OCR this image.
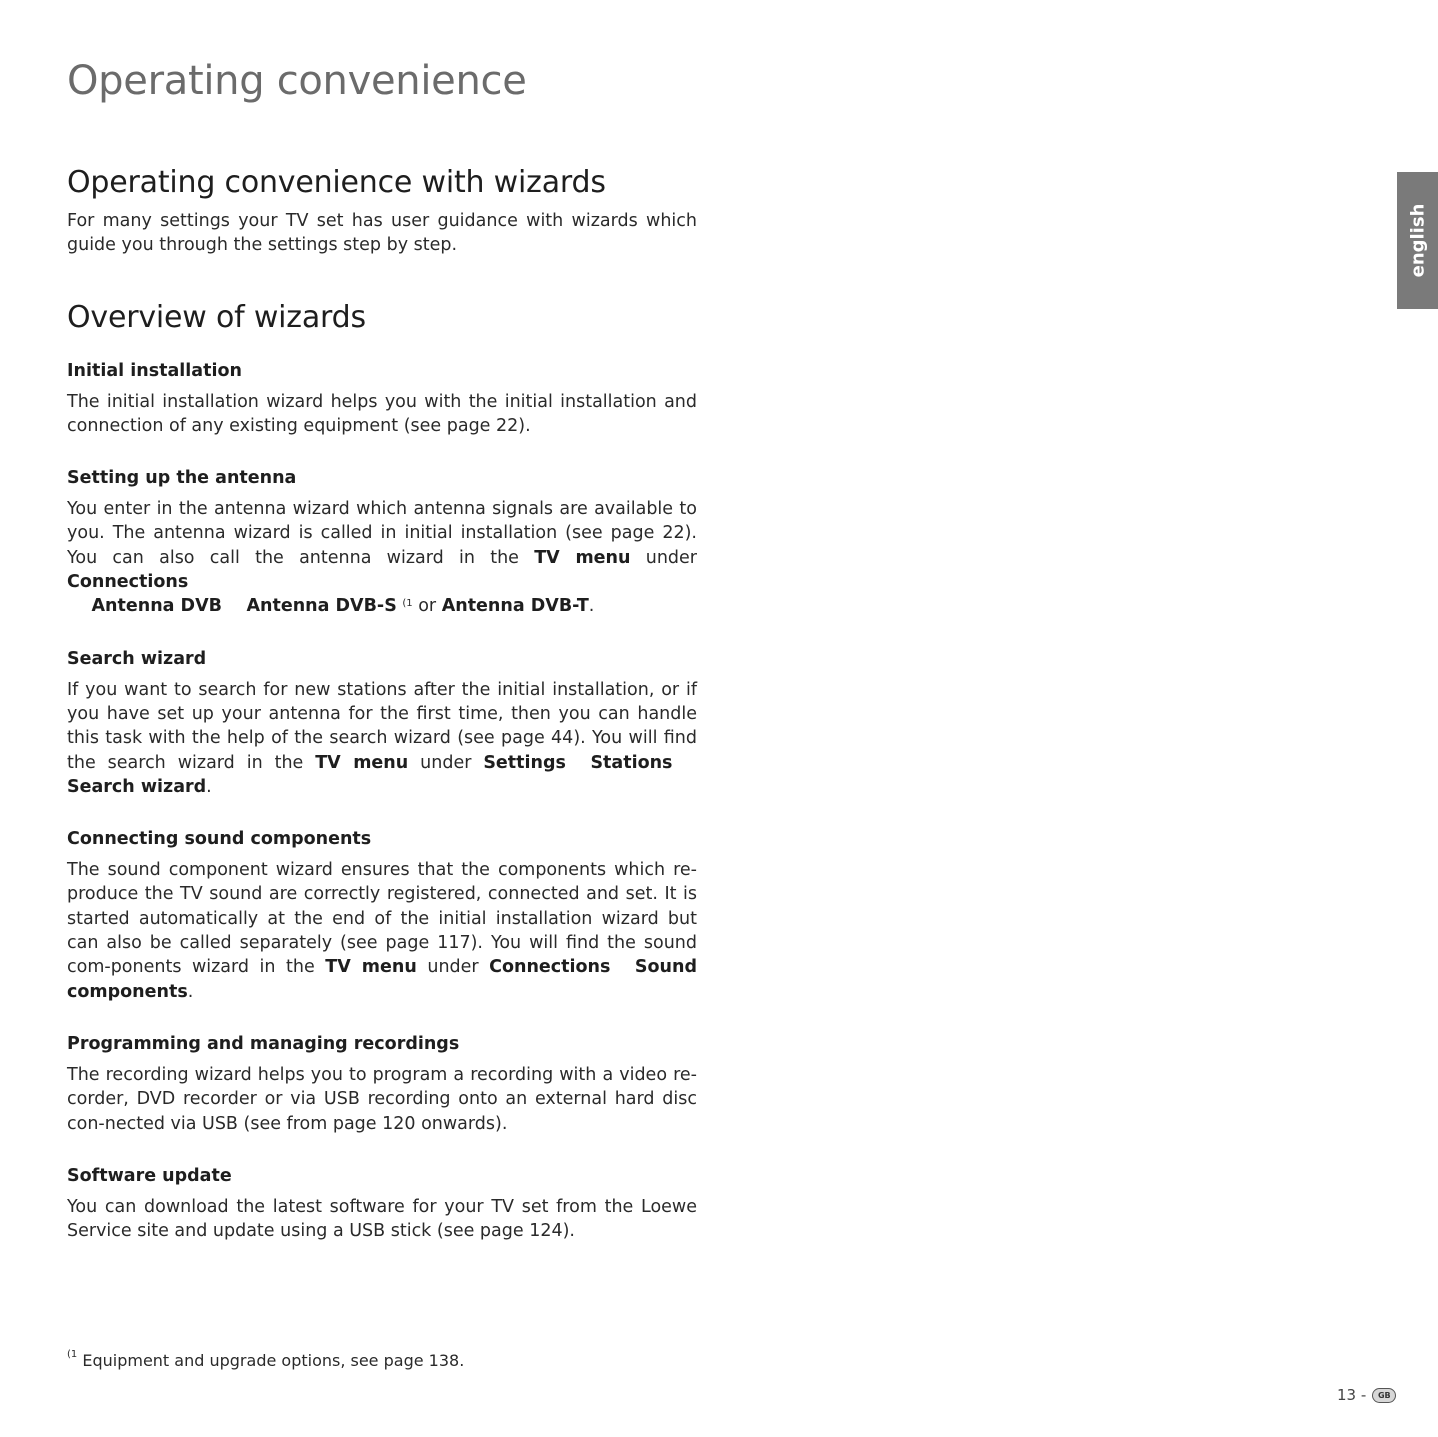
Operating convenience
english
Operating convenience with wizards

For many settings your TV set has user guidance with wizards which guide you through the settings step by step.

Overview of wizards
Initial installation

The initial installation wizard helps you with the initial installation and connection of any existing equipment (see page 22).

Setting up the antenna

You enter in the antenna wizard which antenna signals are available to you. The antenna wizard is called in initial installation (see page 22). You can also call the antenna wizard in the TV menu under Connections
Antenna DVB Antenna DVB-S $^{(1}$ or Antenna DVB-T.

Search wizard

If you want to search for new stations after the initial installation, or if you have set up your antenna for the first time, then you can handle this task with the help of the search wizard (see page 44). You will find the search wizard in the TV menu under Settings StationsSearch wizard.

Connecting sound components

The sound component wizard ensures that the components which re-produce the TV sound are correctly registered, connected and set. It is started automatically at the end of the initial installation wizard but can also be called separately (see page 117). You will find the sound com-ponents wizard in the TV menu under Connections Sound components.

Programming and managing recordings

The recording wizard helps you to program a recording with a video re-corder, DVD recorder or via USB recording onto an external hard disc con-nected via USB (see from page 120 onwards).

Software update

You can download the latest software for your TV set from the Loewe Service site and update using a USB stick (see page 124).

$^{(1}$ Equipment and upgrade options, see page 138.

13 -	GB
